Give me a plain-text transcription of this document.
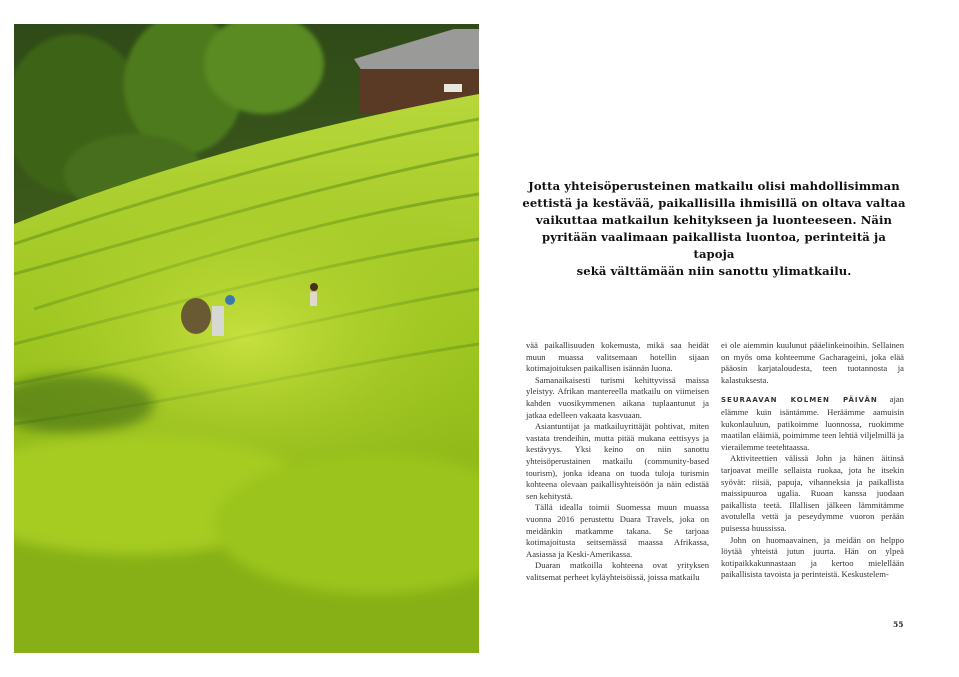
Jotta yhteisöperusteinen matkailu olisi mahdollisimman
eettistä ja kestävää, paikallisilla ihmisillä on oltava valtaa
vaikuttaa matkailun kehitykseen ja luonteeseen. Näin
pyritään vaalimaan paikallista luontoa, perinteitä ja tapoja
sekä välttämään niin sanottu ylimatkailu.

vää paikallisuuden kokemusta, mikä saa heidät muun muassa valitsemaan hotellin sijaan kotimajoituksen paikallisen isännän luona.

Samanaikaisesti turismi kehittyvissä maissa yleistyy. Afrikan mantereella matkailu on viimeisen kahden vuosikymmenen aikana tuplaantunut ja jatkaa edelleen vakaata kasvuaan.

Asiantuntijat ja matkailuyrittäjät pohtivat, miten vastata trendeihin, mutta pitää mukana eettisyys ja kestävyys. Yksi keino on niin sanottu yhteisöperustainen matkailu (community-based tourism), jonka ideana on tuoda tuloja turismin kohteena olevaan paikallisyhteisöön ja näin edistää sen kehitystä.

Tällä idealla toimii Suomessa muun muassa vuonna 2016 perustettu Duara Travels, joka on meidänkin matkamme takana. Se tarjoaa kotimajoitusta seitsemässä maassa Afrikassa, Aasiassa ja Keski-Amerikassa.

Duaran matkoilla kohteena ovat yrityksen valitsemat perheet kyläyhteisöissä, joissa matkailu

ei ole aiemmin kuulunut pääelinkeinoihin. Sellainen on myös oma kohteemme Gacharageini, joka elää pääosin karjataloudesta, teen tuotannosta ja kalastuksesta.

SEURAAVAN KOLMEN PÄIVÄN ajan elämme kuin isäntämme. Heräämme aamuisin kukonlauluun, patikoimme luonnossa, ruokimme maatilan eläimiä, poimimme teen lehtiä viljelmillä ja vierailemme teetehtaassa.

Aktiviteettien välissä John ja hänen äitinsä tarjoavat meille sellaista ruokaa, jota he itsekin syövät: riisiä, papuja, vihanneksia ja paikallista maissipuuroa ugalia. Ruoan kanssa juodaan paikallista teetä. Illallisen jälkeen lämmitämme avotulella vettä ja peseydymme vuoron perään puisessa huussissa.

John on huomaavainen, ja meidän on helppo löytää yhteistä jutun juurta. Hän on ylpeä kotipaikkakunnastaan ja kertoo mielellään paikallisista tavoista ja perinteistä. Keskustelem-

55
